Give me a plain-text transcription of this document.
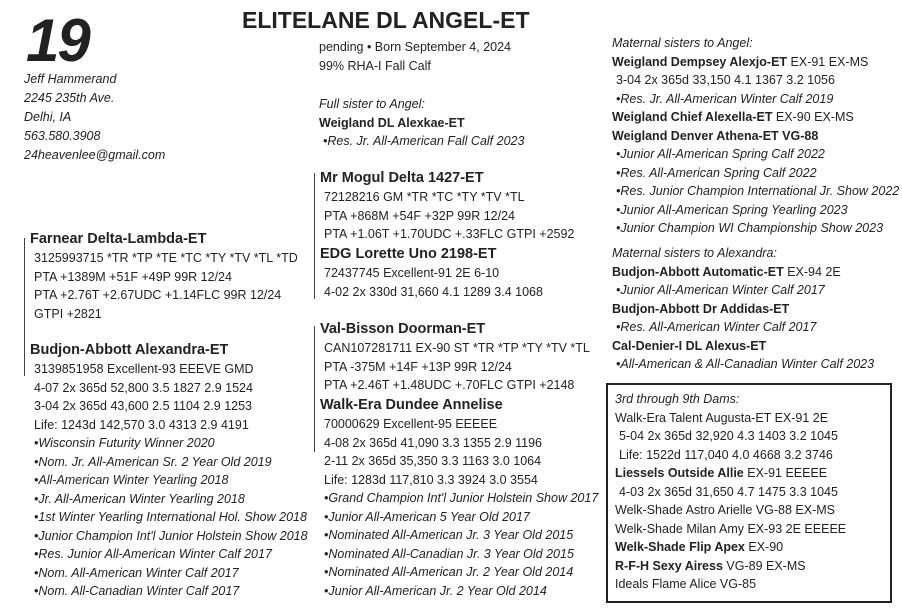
19	ELITELANE DL ANGEL-ET
Jeff Hammerand
2245 235th Ave.
Delhi, IA
563.580.3908
24heavenlee@gmail.com
pending • Born September 4, 2024
99% RHA-I Fall Calf
Full sister to Angel:
Weigland DL Alexkae-ET
•Res. Jr. All-American Fall Calf 2023
Mr Mogul Delta 1427-ET
72128216 GM *TR *TC *TY *TV *TL
PTA +868M +54F +32P 99R 12/24
PTA +1.06T +1.70UDC +.33FLC GTPI +2592
EDG Lorette Uno 2198-ET
72437745 Excellent-91 2E 6-10
4-02 2x 330d 31,660 4.1 1289 3.4 1068
Val-Bisson Doorman-ET
CAN107281711 EX-90 ST *TR *TP *TY *TV *TL
PTA -375M +14F +13P 99R 12/24
PTA +2.46T +1.48UDC +.70FLC GTPI +2148
Walk-Era Dundee Annelise
70000629 Excellent-95 EEEEE
4-08 2x 365d 41,090 3.3 1355 2.9 1196
2-11 2x 365d 35,350 3.3 1163 3.0 1064
Life: 1283d 117,810 3.3 3924 3.0 3554
•Grand Champion Int'l Junior Holstein Show 2017
•Junior All-American 5 Year Old 2017
•Nominated All-American Jr. 3 Year Old 2015
•Nominated All-Canadian Jr. 3 Year Old 2015
•Nominated All-American Jr. 2 Year Old 2014
•Junior All-American Jr. 2 Year Old 2014
Farnear Delta-Lambda-ET
3125993715 *TR *TP *TE *TC *TY *TV *TL *TD
PTA +1389M +51F +49P 99R 12/24
PTA +2.76T +2.67UDC +1.14FLC 99R 12/24
GTPI +2821
Budjon-Abbott Alexandra-ET
3139851958 Excellent-93 EEEVE GMD
4-07 2x 365d 52,800 3.5 1827 2.9 1524
3-04 2x 365d 43,600 2.5 1104 2.9 1253
Life: 1243d 142,570 3.0 4313 2.9 4191
•Wisconsin Futurity Winner 2020
•Nom. Jr. All-American Sr. 2 Year Old 2019
•All-American Winter Yearling 2018
•Jr. All-American Winter Yearling 2018
•1st Winter Yearling International Hol. Show 2018
•Junior Champion Int'l Junior Holstein Show 2018
•Res. Junior All-American Winter Calf 2017
•Nom. All-American Winter Calf 2017
•Nom. All-Canadian Winter Calf 2017
Maternal sisters to Angel:
Weigland Dempsey Alexjo-ET EX-91 EX-MS
3-04 2x 365d 33,150 4.1 1367 3.2 1056
•Res. Jr. All-American Winter Calf 2019
Weigland Chief Alexella-ET EX-90 EX-MS
Weigland Denver Athena-ET VG-88
•Junior All-American Spring Calf 2022
•Res. All-American Spring Calf 2022
•Res. Junior Champion International Jr. Show 2022
•Junior All-American Spring Yearling 2023
•Junior Champion WI Championship Show 2023
Maternal sisters to Alexandra:
Budjon-Abbott Automatic-ET EX-94 2E
•Junior All-American Winter Calf 2017
Budjon-Abbott Dr Addidas-ET
•Res. All-American Winter Calf 2017
Cal-Denier-I DL Alexus-ET
•All-American & All-Canadian Winter Calf 2023
3rd through 9th Dams:
Walk-Era Talent Augusta-ET EX-91 2E
5-04 2x 365d 32,920 4.3 1403 3.2 1045
Life: 1522d 117,040 4.0 4668 3.2 3746
Liessels Outside Allie EX-91 EEEEE
4-03 2x 365d 31,650 4.7 1475 3.3 1045
Welk-Shade Astro Arielle VG-88 EX-MS
Welk-Shade Milan Amy EX-93 2E EEEEE
Welk-Shade Flip Apex EX-90
R-F-H Sexy Airess VG-89 EX-MS
Ideals Flame Alice VG-85
